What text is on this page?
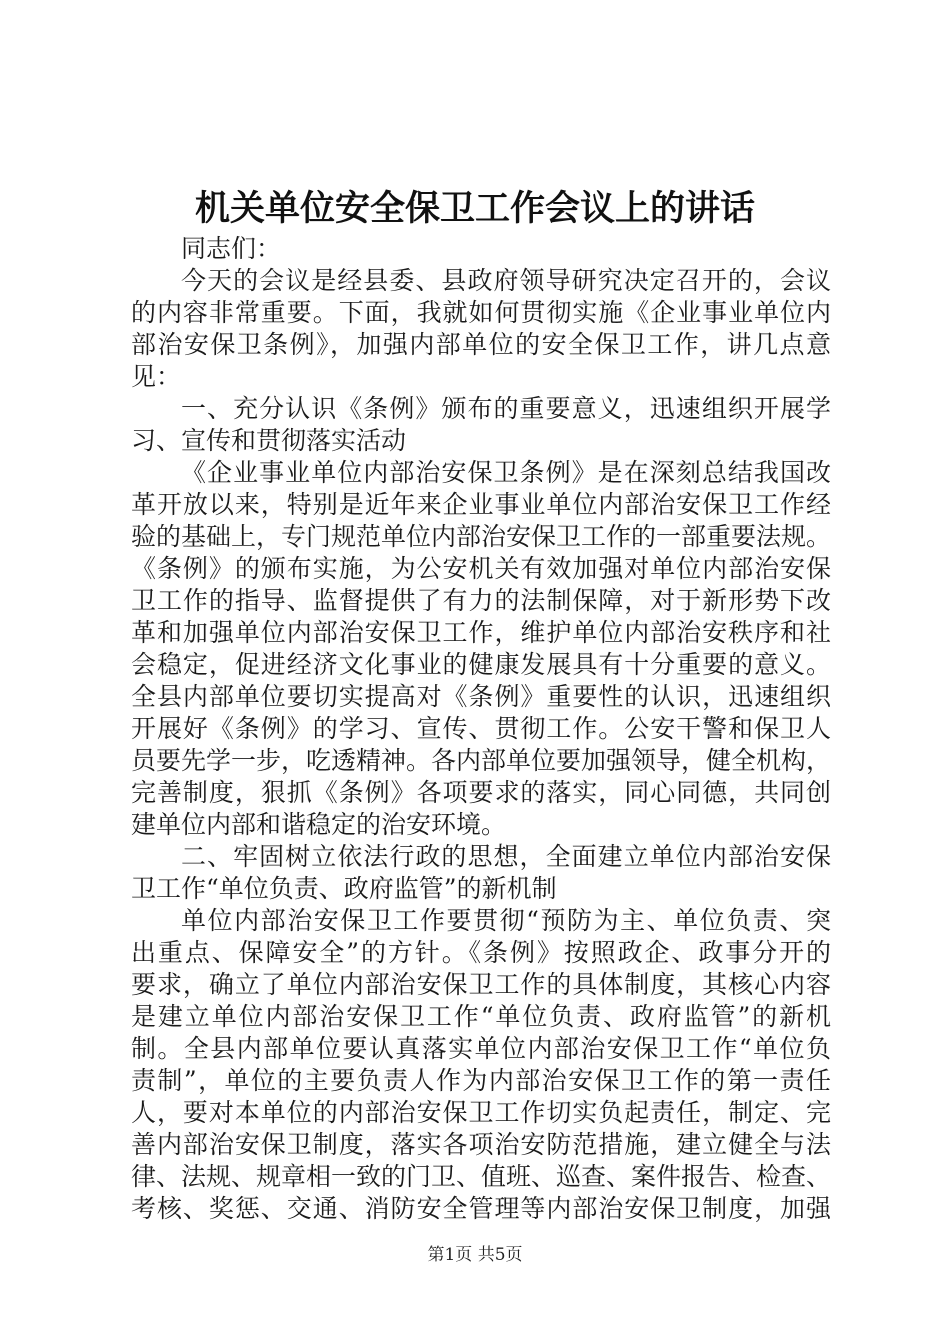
机关单位安全保卫工作会议上的讲话
同志们：
今天的会议是经县委、县政府领导研究决定召开的，会议
的内容非常重要。下面，我就如何贯彻实施《企业事业单位内
部治安保卫条例》，加强内部单位的安全保卫工作，讲几点意
见：
一、充分认识《条例》颁布的重要意义，迅速组织开展学
习、宣传和贯彻落实活动
《企业事业单位内部治安保卫条例》是在深刻总结我国改
革开放以来，特别是近年来企业事业单位内部治安保卫工作经
验的基础上，专门规范单位内部治安保卫工作的一部重要法规。
《条例》的颁布实施，为公安机关有效加强对单位内部治安保
卫工作的指导、监督提供了有力的法制保障，对于新形势下改
革和加强单位内部治安保卫工作，维护单位内部治安秩序和社
会稳定，促进经济文化事业的健康发展具有十分重要的意义。
全县内部单位要切实提高对《条例》重要性的认识，迅速组织
开展好《条例》的学习、宣传、贯彻工作。公安干警和保卫人
员要先学一步，吃透精神。各内部单位要加强领导，健全机构，
完善制度，狠抓《条例》各项要求的落实，同心同德，共同创
建单位内部和谐稳定的治安环境。
二、牢固树立依法行政的思想，全面建立单位内部治安保
卫工作“单位负责、政府监管”的新机制
单位内部治安保卫工作要贯彻“预防为主、单位负责、突
出重点、保障安全”的方针。《条例》按照政企、政事分开的
要求，确立了单位内部治安保卫工作的具体制度，其核心内容
是建立单位内部治安保卫工作“单位负责、政府监管”的新机
制。全县内部单位要认真落实单位内部治安保卫工作“单位负
责制”，单位的主要负责人作为内部治安保卫工作的第一责任
人，要对本单位的内部治安保卫工作切实负起责任，制定、完
善内部治安保卫制度，落实各项治安防范措施，建立健全与法
律、法规、规章相一致的门卫、值班、巡查、案件报告、检查、
考核、奖惩、交通、消防安全管理等内部治安保卫制度，加强
第1页 共5页
